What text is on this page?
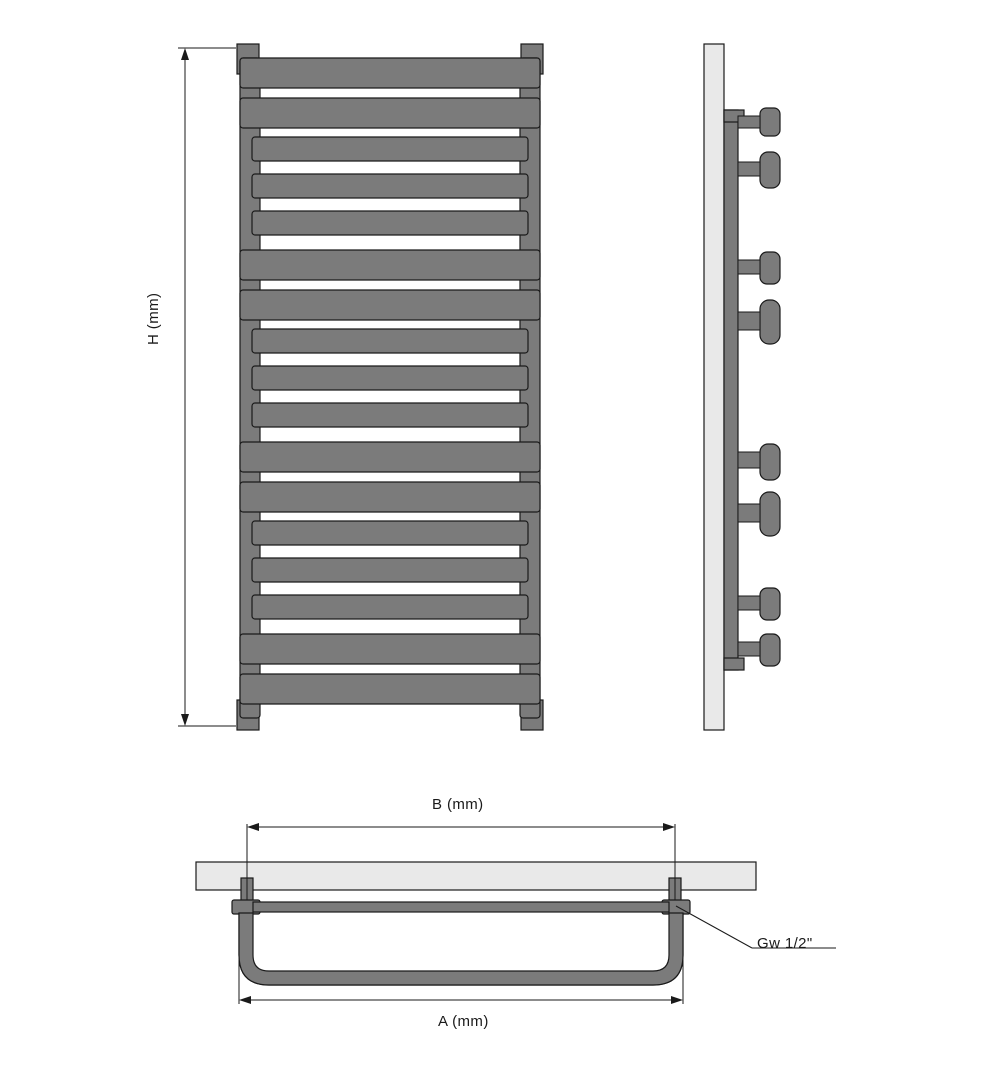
H (mm)
B (mm)
A (mm)
Gw 1/2"
